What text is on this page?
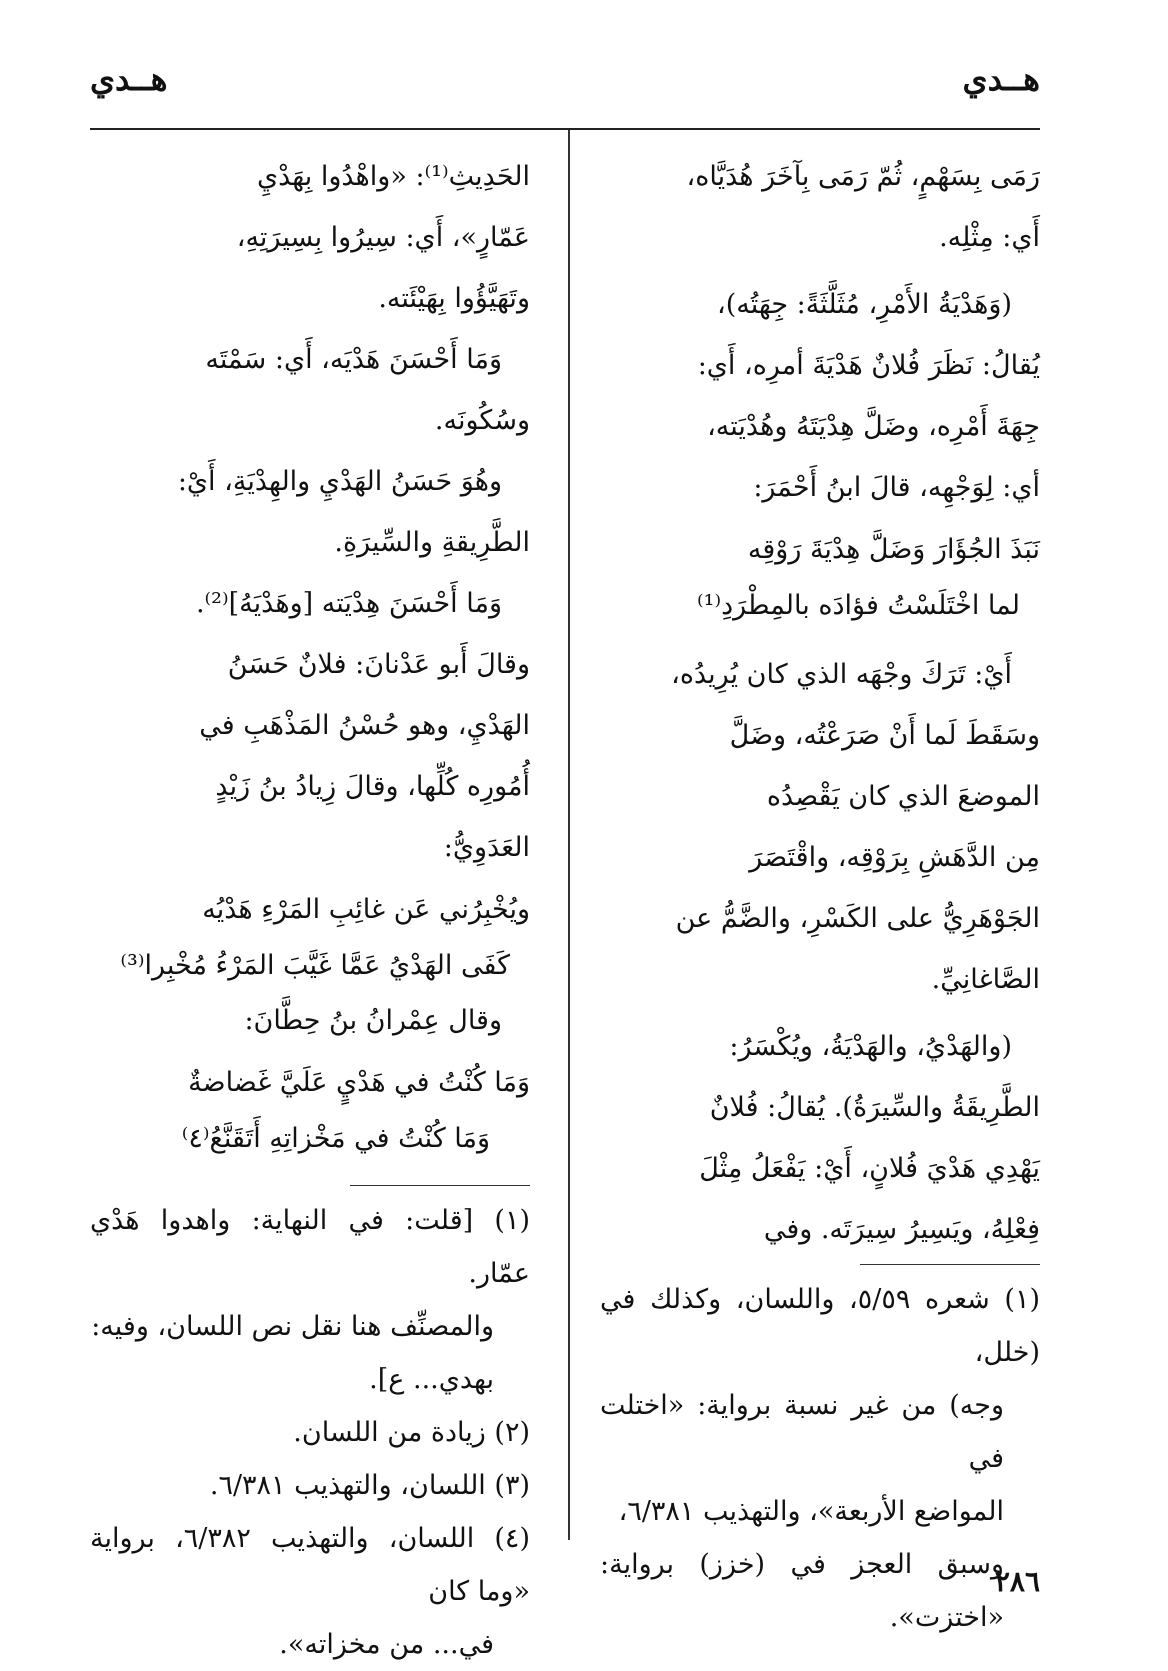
هــدي
هــدي

رَمَى بِسَهْمٍ، ثُمّ رَمَى بِآخَرَ هُدَيَّاه،

أَي: مِثْلِه.

(وَهَدْيَةُ الأَمْرِ، مُثَلَّثَةً: جِهَتُه)،

يُقالُ: نَظَرَ فُلانٌ هَدْيَةَ أمرِه، أَي:

جِهَةَ أَمْرِه، وضَلَّ هِدْيَتَهُ وهُدْيَته،

أي: لِوَجْهِه، قالَ ابنُ أَحْمَرَ:

نَبَذَ الجُؤَارَ وَضَلَّ هِدْيَةَ رَوْقِه

لما اخْتَلَسْتُ فؤادَه بالمِطْرَدِ⁽¹⁾

أَيْ: تَرَكَ وجْهَه الذي كان يُرِيدُه،

وسَقَطَ لَما أَنْ صَرَعْتُه، وضَلَّ

الموضعَ الذي كان يَقْصِدُه

مِن الدَّهَشِ بِرَوْقِه، واقْتَصَرَ

الجَوْهَرِيُّ على الكَسْرِ، والضَّمُّ عن

الصَّاغانِيِّ.

(والهَدْيُ، والهَدْيَةُ، ويُكْسَرُ:

الطَّرِيقَةُ والسِّيرَةُ). يُقالُ: فُلانٌ

يَهْدِي هَدْيَ فُلانٍ، أَيْ: يَفْعَلُ مِثْلَ

فِعْلِهُ، ويَسِيرُ سِيرَتَه. وفي

(١) شعره ٥/٥٩، واللسان، وكذلك في (خلل،

وجه) من غير نسبة برواية: «اختلت في

المواضع الأربعة»، والتهذيب ٦/٣٨١،

وسبق العجز في (خزز) برواية: «اختزت».

الحَدِيثِ⁽¹⁾: «واهْدُوا بِهَدْيِ

عَمّارٍ»، أَي: سِيرُوا بِسِيرَتِهِ،

وتَهَيَّؤُوا بِهَيْئَته.

وَمَا أَحْسَنَ هَدْيَه، أَي: سَمْتَه

وسُكُونَه.

وهُوَ حَسَنُ الهَدْيِ والهِدْيَةِ، أَيْ:

الطَّرِيقةِ والسِّيرَةِ.

وَمَا أَحْسَنَ هِدْيَته [وهَدْيَهُ]⁽²⁾.

وقالَ أَبو عَدْنانَ: فلانٌ حَسَنُ

الهَدْيِ، وهو حُسْنُ المَذْهَبِ في

أُمُورِه كُلِّها، وقالَ زِيادُ بنُ زَيْدٍ

العَدَوِيُّ:

ويُخْبِرُني عَن غائِبِ المَرْءِ هَدْيُه

كَفَى الهَدْيُ عَمَّا غَيَّبَ المَرْءُ مُخْبِرا⁽³⁾

وقال عِمْرانُ بنُ حِطَّانَ:

وَمَا كُنْتُ في هَدْيٍ عَلَيَّ غَضاضةٌ

وَمَا كُنْتُ في مَخْزاتِهِ أَتَقَنَّعُ⁽٤⁾

(١) [قلت: في النهاية: واهدوا هَدْي عمّار.

والمصنِّف هنا نقل نص اللسان، وفيه:

بهدي... ع].

(٢) زيادة من اللسان.

(٣) اللسان، والتهذيب ٦/٣٨١.

(٤) اللسان، والتهذيب ٦/٣٨٢، برواية «وما كان

في... من مخزاته».

٢٨٦
